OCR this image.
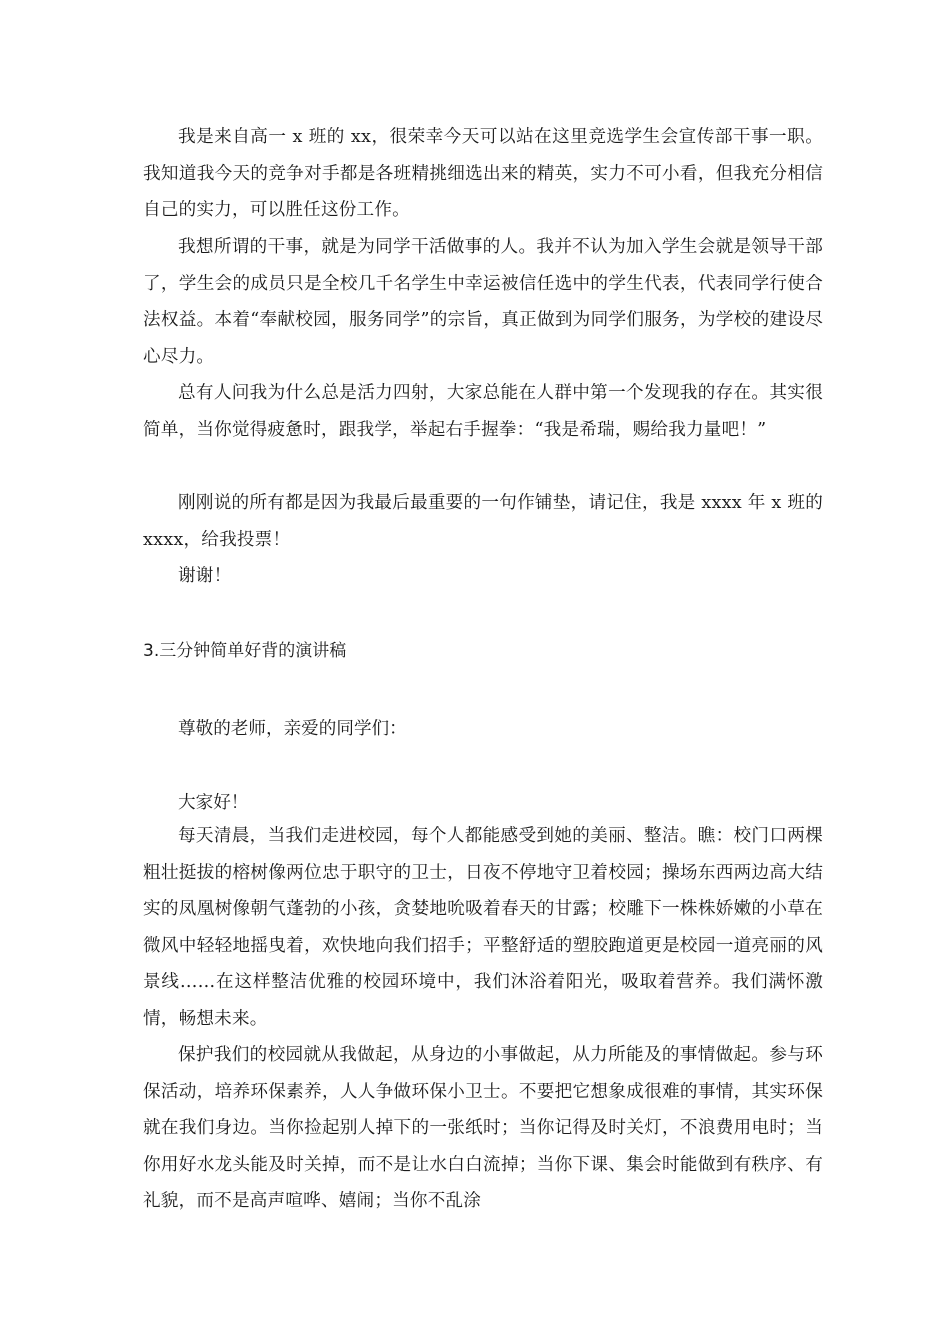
我是来自高一 x 班的 xx，很荣幸今天可以站在这里竞选学生会宣传部干事一职。我知道我今天的竞争对手都是各班精挑细选出来的精英，实力不可小看，但我充分相信自己的实力，可以胜任这份工作。
我想所谓的干事，就是为同学干活做事的人。我并不认为加入学生会就是领导干部了，学生会的成员只是全校几千名学生中幸运被信任选中的学生代表，代表同学行使合法权益。本着“奉献校园，服务同学”的宗旨，真正做到为同学们服务，为学校的建设尽心尽力。
总有人问我为什么总是活力四射，大家总能在人群中第一个发现我的存在。其实很简单，当你觉得疲惫时，跟我学，举起右手握拳：“我是希瑞，赐给我力量吧！”
刚刚说的所有都是因为我最后最重要的一句作铺垫，请记住，我是 xxxx 年 x 班的 xxxx，给我投票！
谢谢！
3.三分钟简单好背的演讲稿
尊敬的老师，亲爱的同学们：
大家好！
每天清晨，当我们走进校园，每个人都能感受到她的美丽、整洁。瞧：校门口两棵粗壮挺拔的榕树像两位忠于职守的卫士，日夜不停地守卫着校园；操场东西两边高大结实的凤凰树像朝气蓬勃的小孩，贪婪地吮吸着春天的甘露；校雕下一株株娇嫩的小草在微风中轻轻地摇曳着，欢快地向我们招手；平整舒适的塑胶跑道更是校园一道亮丽的风景线……在这样整洁优雅的校园环境中，我们沐浴着阳光，吸取着营养。我们满怀激情，畅想未来。
保护我们的校园就从我做起，从身边的小事做起，从力所能及的事情做起。参与环保活动，培养环保素养，人人争做环保小卫士。不要把它想象成很难的事情，其实环保就在我们身边。当你捡起别人掉下的一张纸时；当你记得及时关灯，不浪费用电时；当你用好水龙头能及时关掉，而不是让水白白流掉；当你下课、集会时能做到有秩序、有礼貌，而不是高声喧哗、嬉闹；当你不乱涂
